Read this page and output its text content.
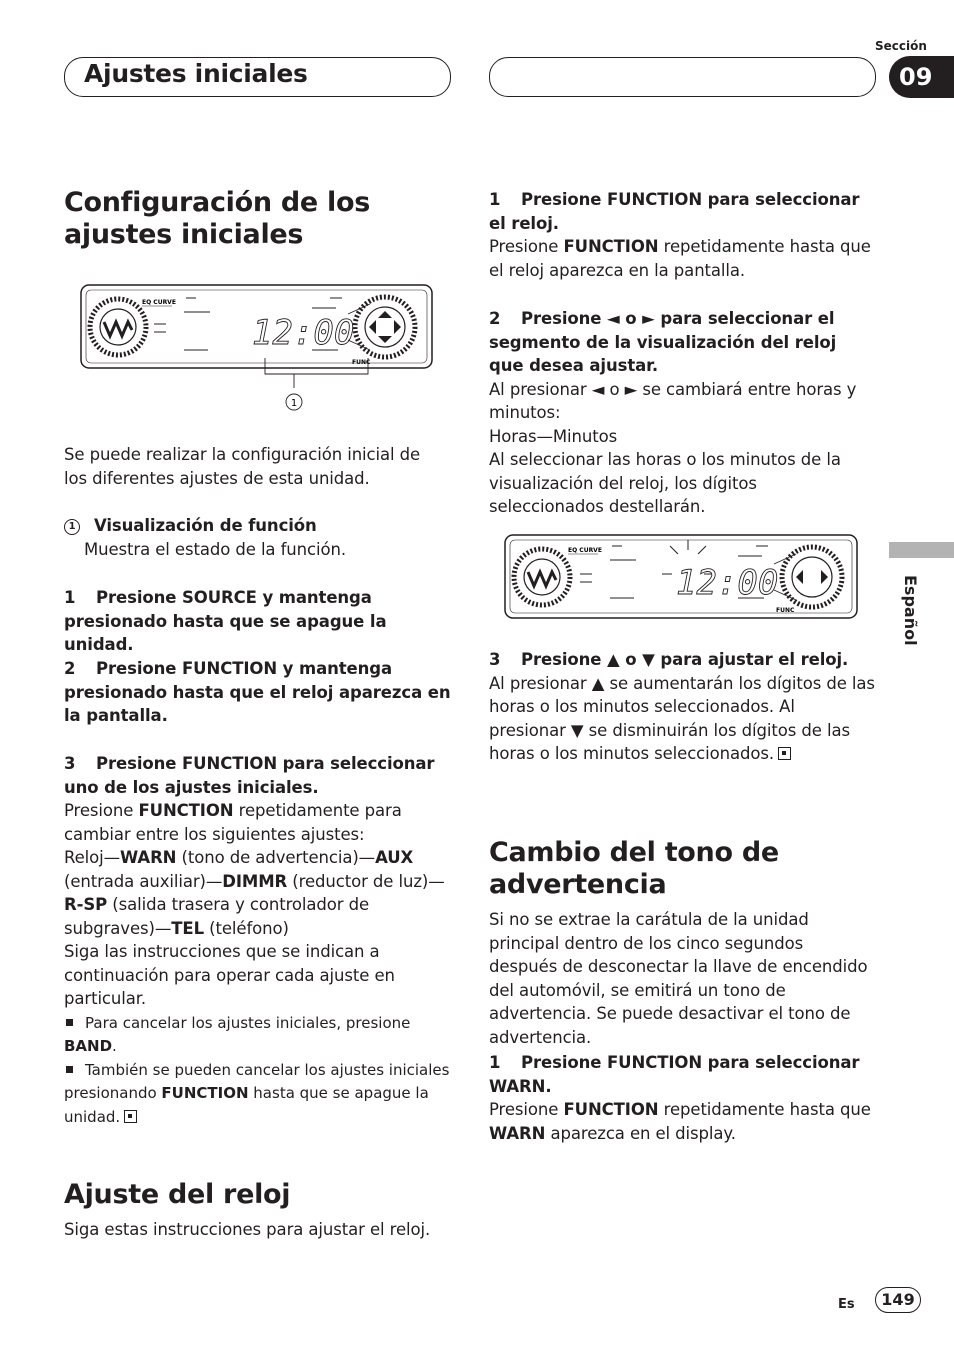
Ajustes iniciales
Sección
09
Español
Configuración de los ajustes iniciales
EQ CURVE
12:00
FUNC
1

Se puede realizar la configuración inicial de los diferentes ajustes de esta unidad.

1 Visualización de función

Muestra el estado de la función.

1 Presione SOURCE y mantenga presionado hasta que se apague la unidad.

2 Presione FUNCTION y mantenga presionado hasta que el reloj aparezca en la pantalla.

3 Presione FUNCTION para seleccionar uno de los ajustes iniciales.

Presione FUNCTION repetidamente para cambiar entre los siguientes ajustes:

Reloj—WARN (tono de advertencia)—AUX (entrada auxiliar)—DIMMR (reductor de luz)—R-SP (salida trasera y controlador de subgraves)—TEL (teléfono)

Siga las instrucciones que se indican a continuación para operar cada ajuste en particular.

Para cancelar los ajustes iniciales, presione BAND.

También se pueden cancelar los ajustes iniciales presionando FUNCTION hasta que se apague la unidad.

Ajuste del reloj

Siga estas instrucciones para ajustar el reloj.

1 Presione FUNCTION para seleccionar el reloj.

Presione FUNCTION repetidamente hasta que el reloj aparezca en la pantalla.

2 Presione ◄ o ► para seleccionar el segmento de la visualización del reloj que desea ajustar.

Al presionar ◄ o ► se cambiará entre horas y minutos:

Horas—Minutos

Al seleccionar las horas o los minutos de la visualización del reloj, los dígitos seleccionados destellarán.

EQ CURVE
12:00
FUNC

3 Presione ▲ o ▼ para ajustar el reloj.

Al presionar ▲ se aumentarán los dígitos de las horas o los minutos seleccionados. Al presionar ▼ se disminuirán los dígitos de las horas o los minutos seleccionados.

Cambio del tono de advertencia

Si no se extrae la carátula de la unidad principal dentro de los cinco segundos después de desconectar la llave de encendido del automóvil, se emitirá un tono de advertencia. Se puede desactivar el tono de advertencia.

1 Presione FUNCTION para seleccionar WARN.

Presione FUNCTION repetidamente hasta que WARN aparezca en el display.

Es	149
